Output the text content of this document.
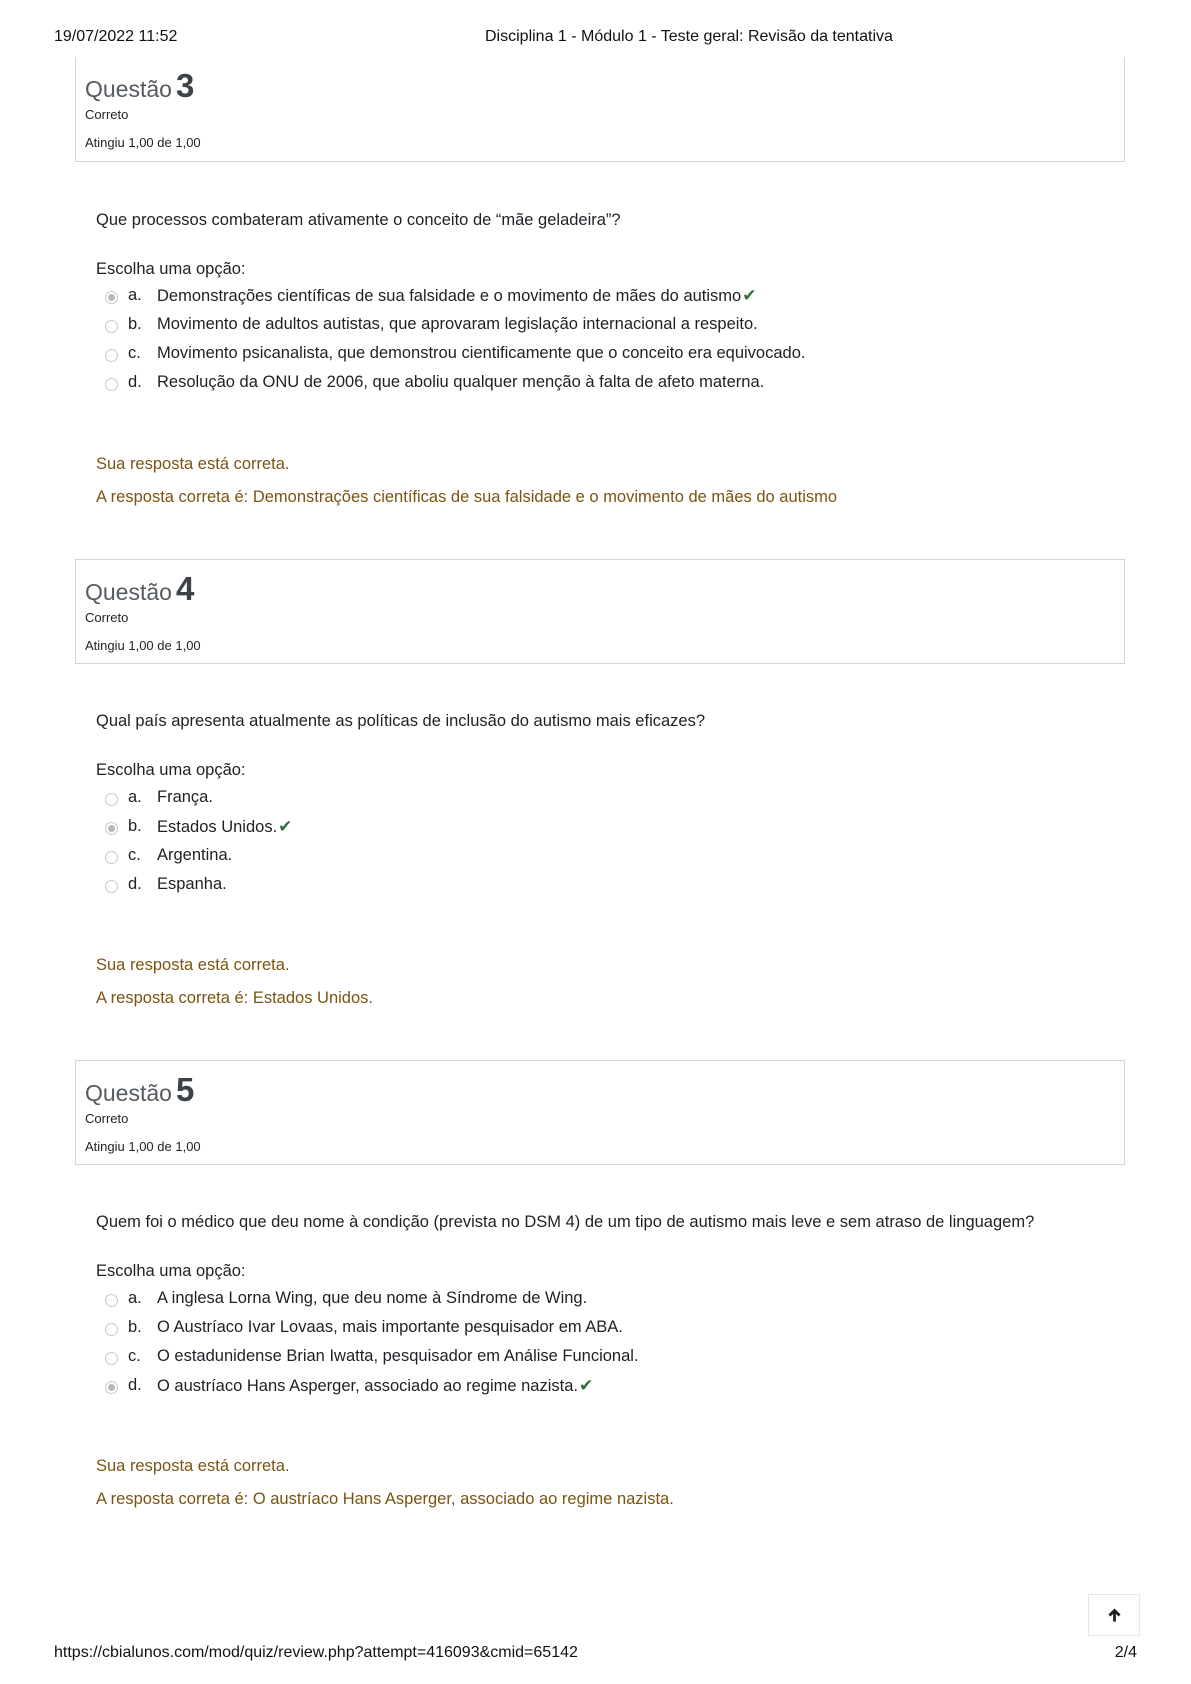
19/07/2022 11:52	Disciplina 1 - Módulo 1 - Teste geral: Revisão da tentativa
Questão 3
Correto
Atingiu 1,00 de 1,00
Que processos combateram ativamente o conceito de “mãe geladeira”?
Escolha uma opção:
a. Demonstrações científicas de sua falsidade e o movimento de mães do autismo✔
b. Movimento de adultos autistas, que aprovaram legislação internacional a respeito.
c. Movimento psicanalista, que demonstrou cientificamente que o conceito era equivocado.
d. Resolução da ONU de 2006, que aboliu qualquer menção à falta de afeto materna.
Sua resposta está correta.
A resposta correta é: Demonstrações científicas de sua falsidade e o movimento de mães do autismo
Questão 4
Correto
Atingiu 1,00 de 1,00
Qual país apresenta atualmente as políticas de inclusão do autismo mais eficazes?
Escolha uma opção:
a. França.
b. Estados Unidos.✔
c. Argentina.
d. Espanha.
Sua resposta está correta.
A resposta correta é: Estados Unidos.
Questão 5
Correto
Atingiu 1,00 de 1,00
Quem foi o médico que deu nome à condição (prevista no DSM 4) de um tipo de autismo mais leve e sem atraso de linguagem?
Escolha uma opção:
a. A inglesa Lorna Wing, que deu nome à Síndrome de Wing.
b. O Austríaco Ivar Lovaas, mais importante pesquisador em ABA.
c. O estadunidense Brian Iwatta, pesquisador em Análise Funcional.
d. O austríaco Hans Asperger, associado ao regime nazista.✔
Sua resposta está correta.
A resposta correta é: O austríaco Hans Asperger, associado ao regime nazista.
https://cbialunos.com/mod/quiz/review.php?attempt=416093&cmid=65142	2/4
